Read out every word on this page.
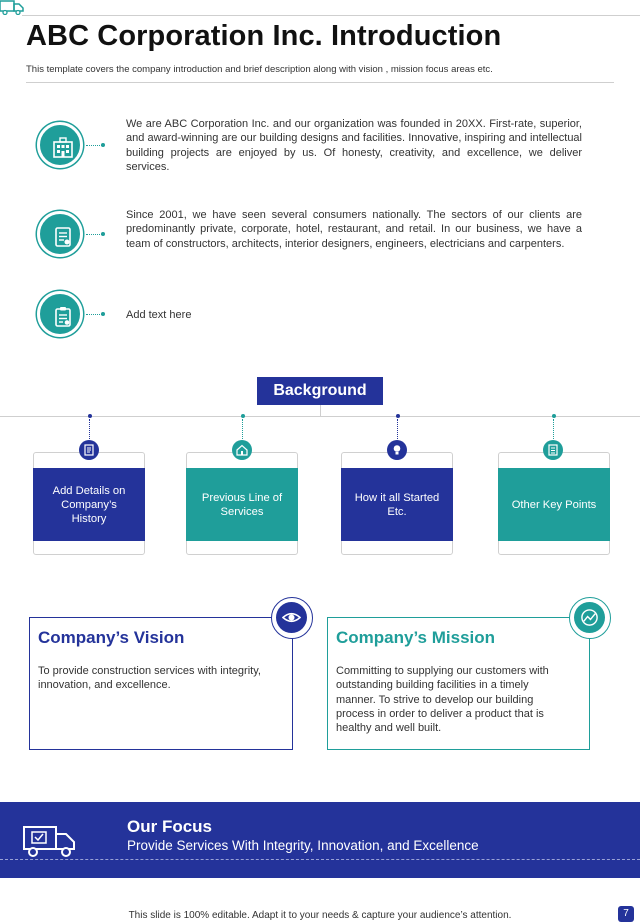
ABC Corporation Inc. Introduction
This template covers the company introduction and brief description along with vision , mission focus areas etc.
We are ABC Corporation Inc. and our organization was founded in 20XX. First-rate, superior, and award-winning are our building designs and facilities. Innovative, inspiring and intellectual building projects are enjoyed by us. Of honesty, creativity, and excellence, we deliver services.
Since 2001, we have seen several consumers nationally. The sectors of our clients are predominantly private, corporate, hotel, restaurant, and retail. In our business, we have a team of constructors, architects, interior designers, engineers, electricians and carpenters.
Add text here
Background
Add Details on Company’s History
Previous Line of Services
How it all Started Etc.
Other Key Points
Company’s Vision
To provide construction services with integrity, innovation, and excellence.
Company’s Mission
Committing to supplying our customers with outstanding building facilities in a timely manner. To strive to develop our building process in order to deliver a product that is healthy and well built.
Our Focus
Provide Services With Integrity, Innovation, and Excellence
This slide is 100% editable. Adapt it to your needs & capture your audience’s attention.	7
